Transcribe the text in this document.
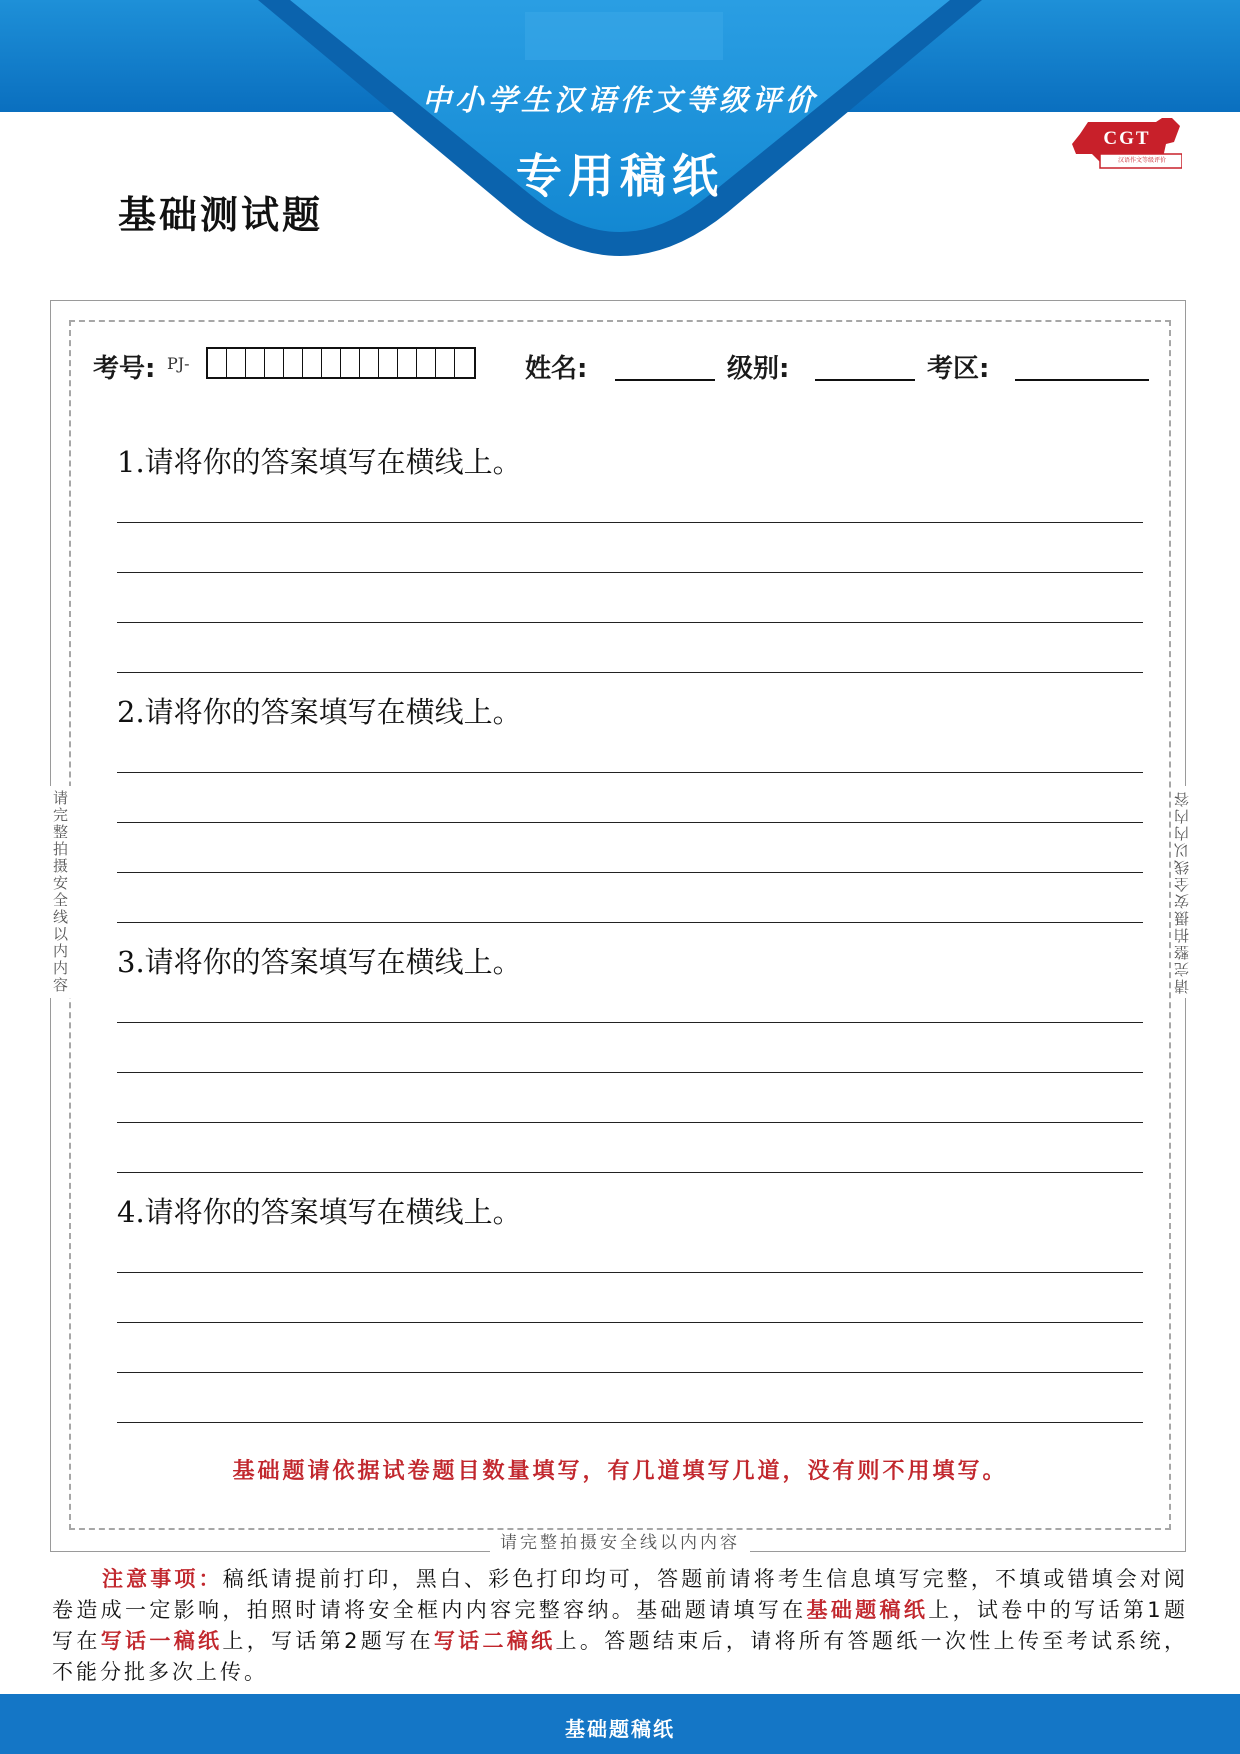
中小学生汉语作文等级评价
专用稿纸
基础测试题
CGT
汉语作文等级评价
请完整拍摄安全线以内内容	请完整拍摄安全线以内内容
请完整拍摄安全线以内内容
考号: PJ-	姓名:	级别:	考区:
1.请将你的答案填写在横线上。
2.请将你的答案填写在横线上。
3.请将你的答案填写在横线上。
4.请将你的答案填写在横线上。
基础题请依据试卷题目数量填写，有几道填写几道，没有则不用填写。
注意事项：稿纸请提前打印，黑白、彩色打印均可，答题前请将考生信息填写完整，不填或错填会对阅卷造成一定影响，拍照时请将安全框内内容完整容纳。基础题请填写在基础题稿纸上，试卷中的写话第1题写在写话一稿纸上，写话第2题写在写话二稿纸上。答题结束后，请将所有答题纸一次性上传至考试系统，不能分批多次上传。
基础题稿纸
